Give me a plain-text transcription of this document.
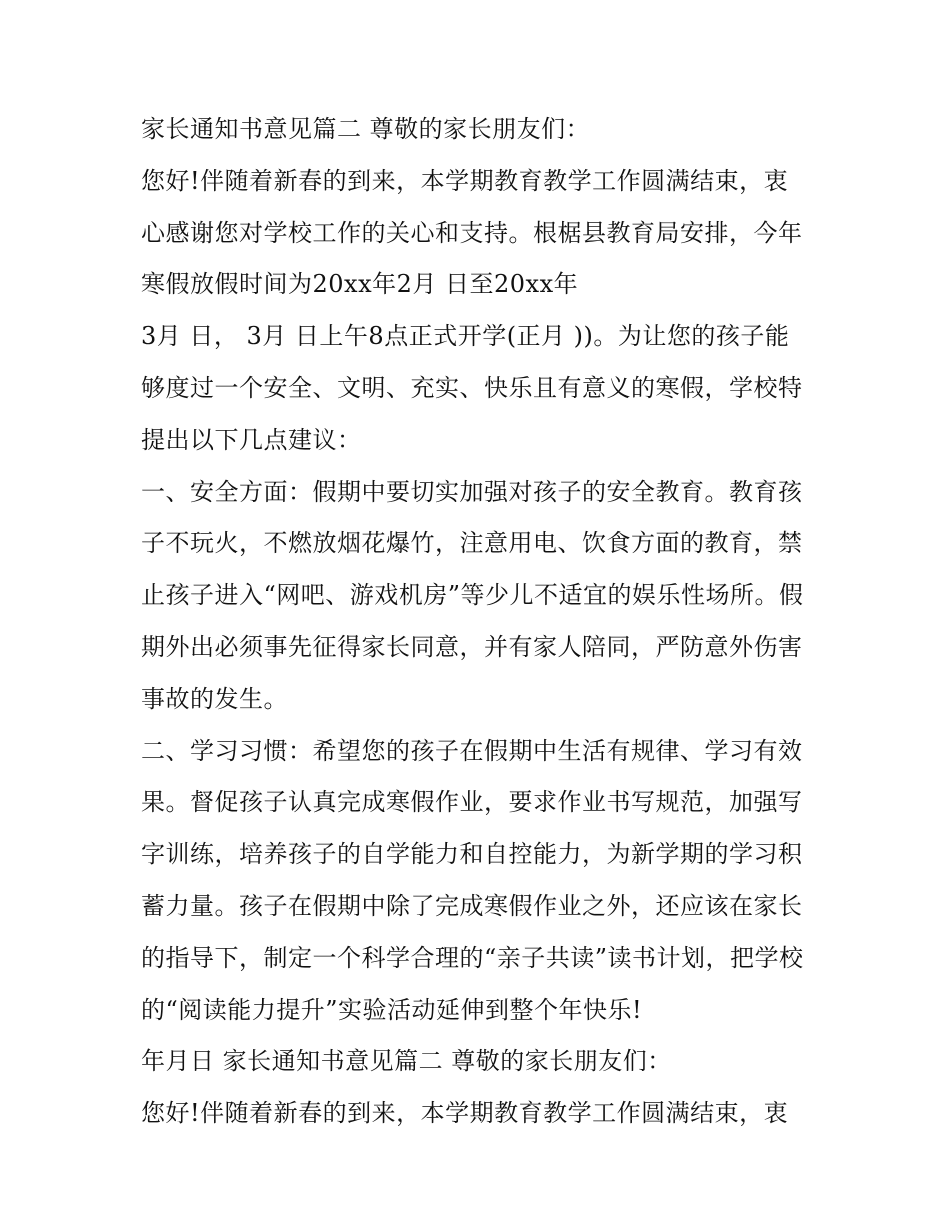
家长通知书意见篇二 尊敬的家长朋友们：
您好!伴随着新春的到来，本学期教育教学工作圆满结束，衷
心感谢您对学校工作的关心和支持。根椐县教育局安排，今年
寒假放假时间为20xx年2月 日至20xx年
3月 日， 3月 日上午8点正式开学(正月 ))。为让您的孩子能
够度过一个安全、文明、充实、快乐且有意义的寒假，学校特
提出以下几点建议：
一、安全方面：假期中要切实加强对孩子的安全教育。教育孩
子不玩火，不燃放烟花爆竹，注意用电、饮食方面的教育，禁
止孩子进入“网吧、游戏机房”等少儿不适宜的娱乐性场所。假
期外出必须事先征得家长同意，并有家人陪同，严防意外伤害
事故的发生。
二、学习习惯：希望您的孩子在假期中生活有规律、学习有效
果。督促孩子认真完成寒假作业，要求作业书写规范，加强写
字训练，培养孩子的自学能力和自控能力，为新学期的学习积
蓄力量。孩子在假期中除了完成寒假作业之外，还应该在家长
的指导下，制定一个科学合理的“亲子共读”读书计划，把学校
的“阅读能力提升”实验活动延伸到整个年快乐!
年月日 家长通知书意见篇二 尊敬的家长朋友们：
您好!伴随着新春的到来，本学期教育教学工作圆满结束，衷
